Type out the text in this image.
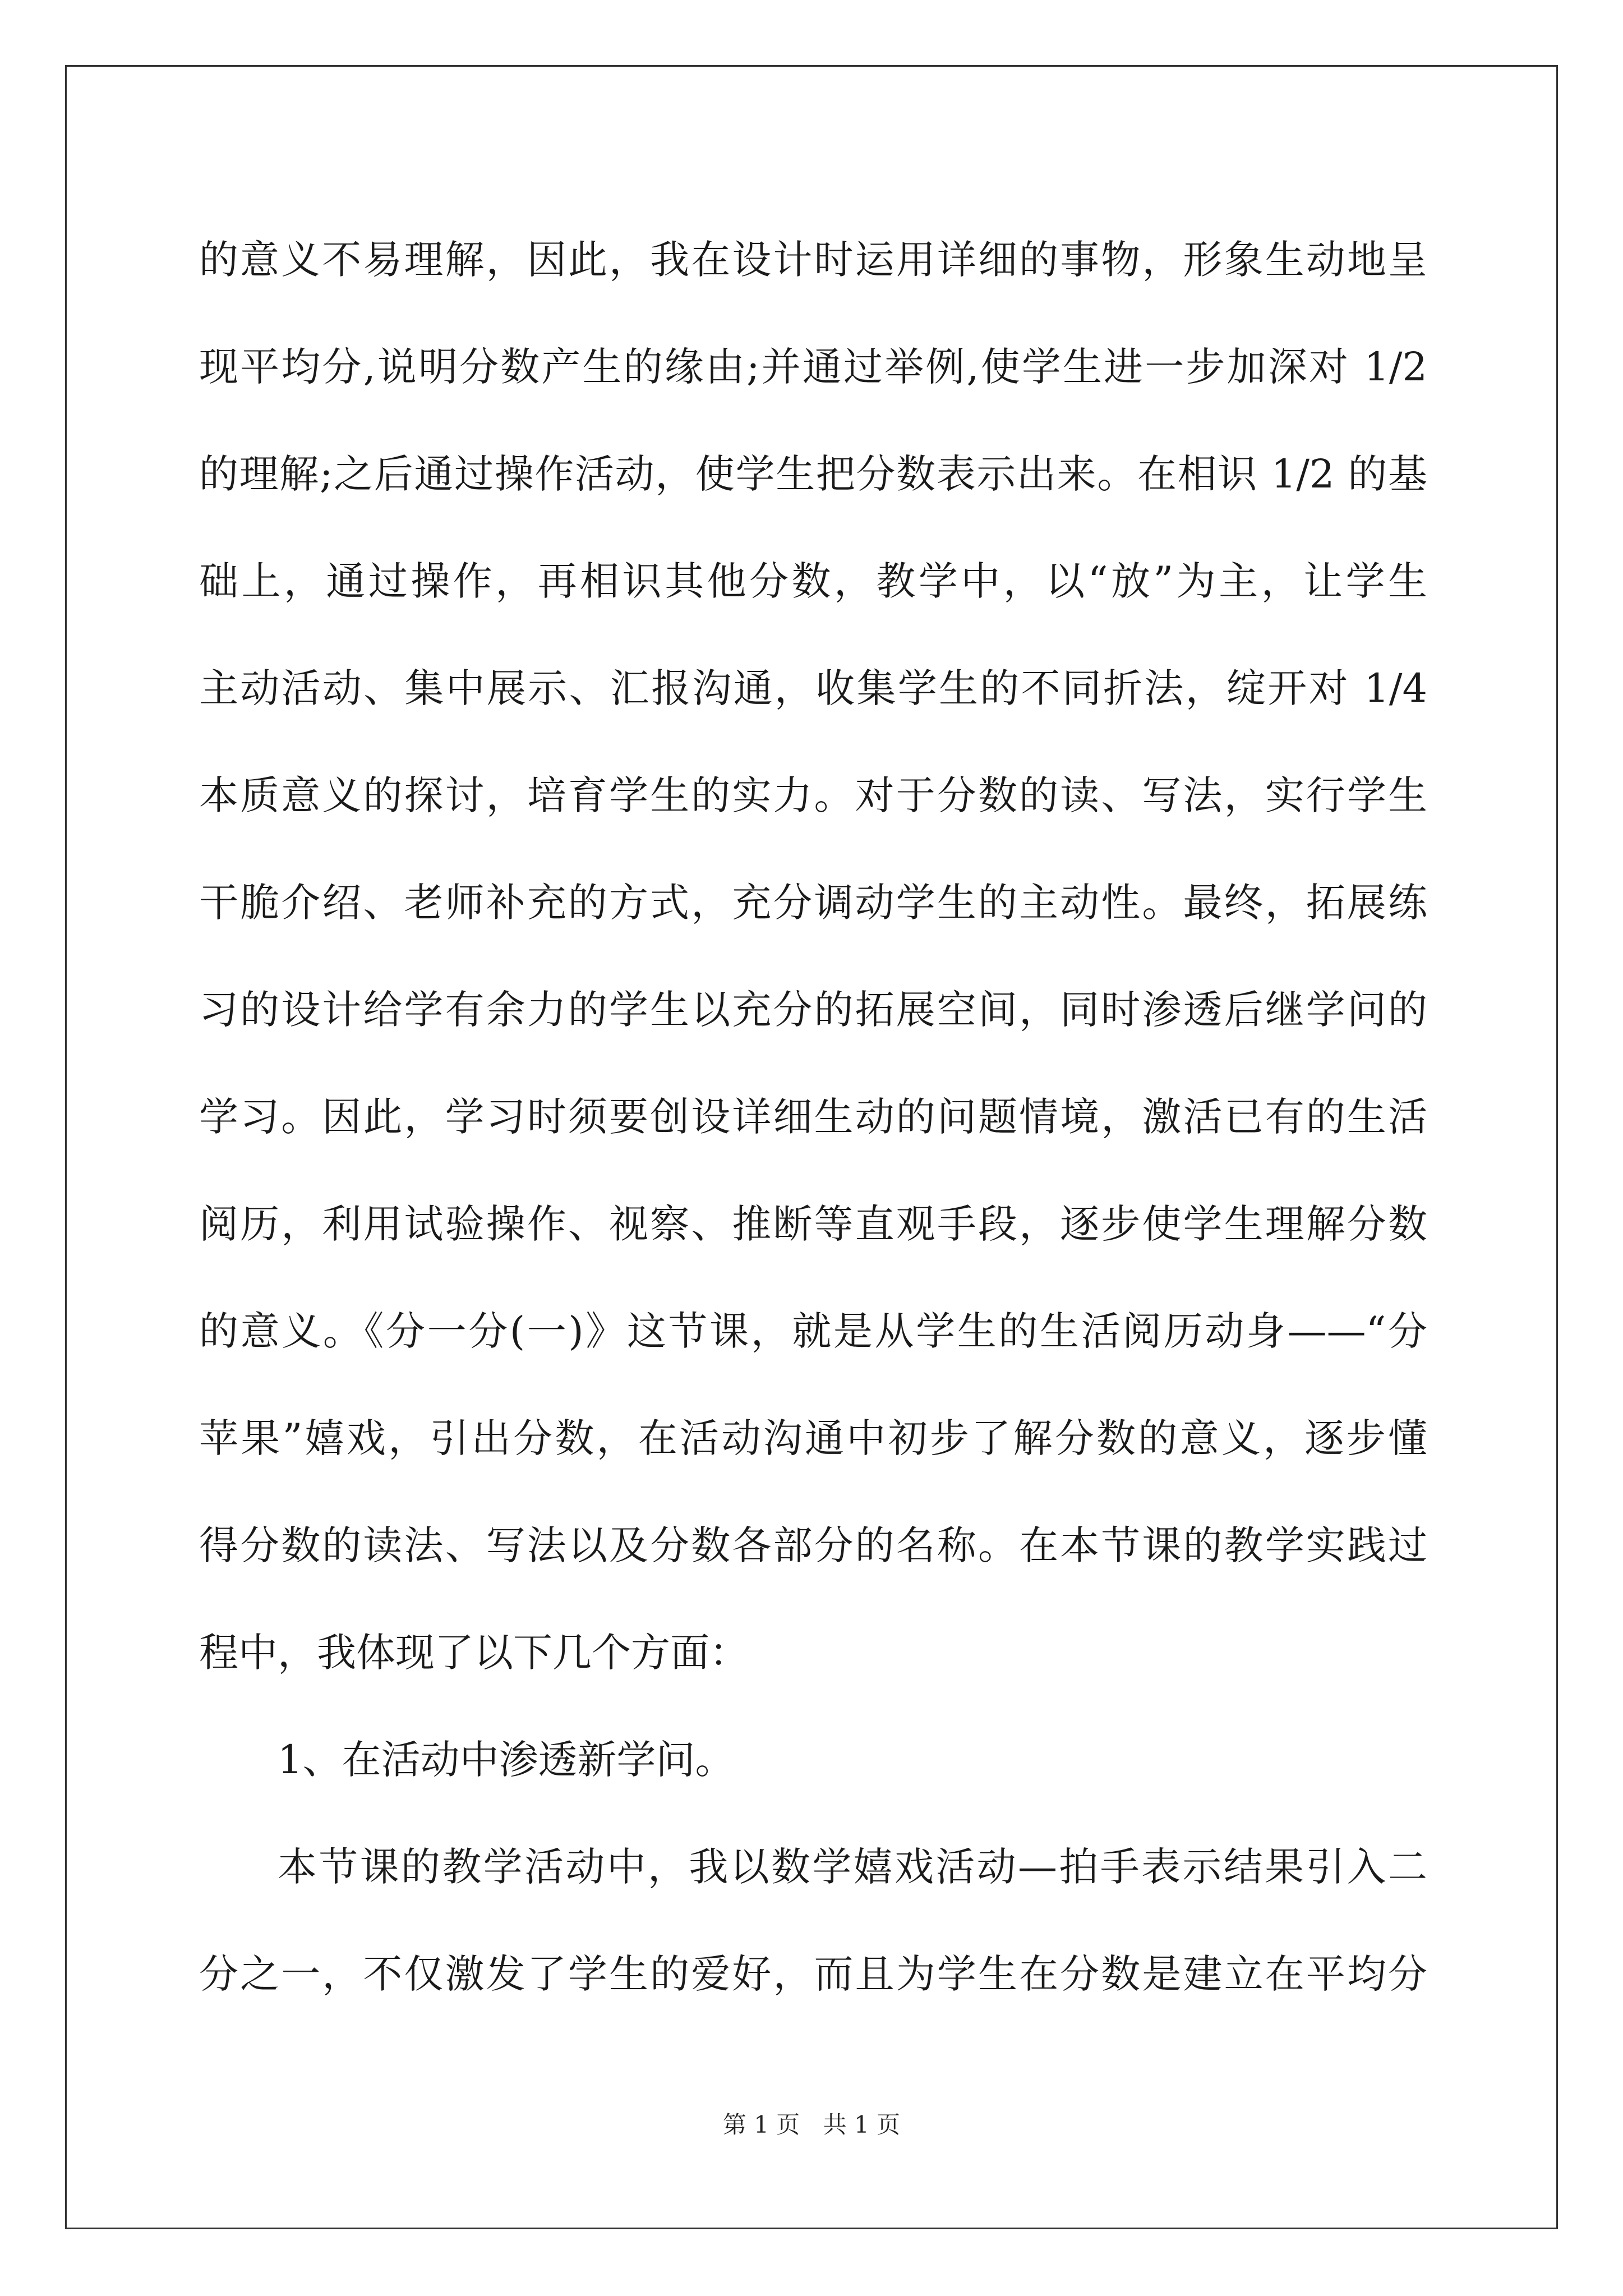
的意义不易理解，因此，我在设计时运用详细的事物，形象生动地呈
现平均分,说明分数产生的缘由;并通过举例,使学生进一步加深对 1/2
的理解;之后通过操作活动，使学生把分数表示出来。在相识 1/2 的基
础上，通过操作，再相识其他分数，教学中，以“放”为主，让学生
主动活动、集中展示、汇报沟通，收集学生的不同折法，绽开对 1/4
本质意义的探讨，培育学生的实力。对于分数的读、写法，实行学生
干脆介绍、老师补充的方式，充分调动学生的主动性。最终，拓展练
习的设计给学有余力的学生以充分的拓展空间，同时渗透后继学问的
学习。因此，学习时须要创设详细生动的问题情境，激活已有的生活
阅历，利用试验操作、视察、推断等直观手段，逐步使学生理解分数
的意义。《分一分(一)》这节课，就是从学生的生活阅历动身——“分
苹果”嬉戏，引出分数，在活动沟通中初步了解分数的意义，逐步懂
得分数的读法、写法以及分数各部分的名称。在本节课的教学实践过
程中，我体现了以下几个方面：
1、在活动中渗透新学问。
本节课的教学活动中，我以数学嬉戏活动—拍手表示结果引入二
分之一，不仅激发了学生的爱好，而且为学生在分数是建立在平均分
第 1 页 共 1 页
